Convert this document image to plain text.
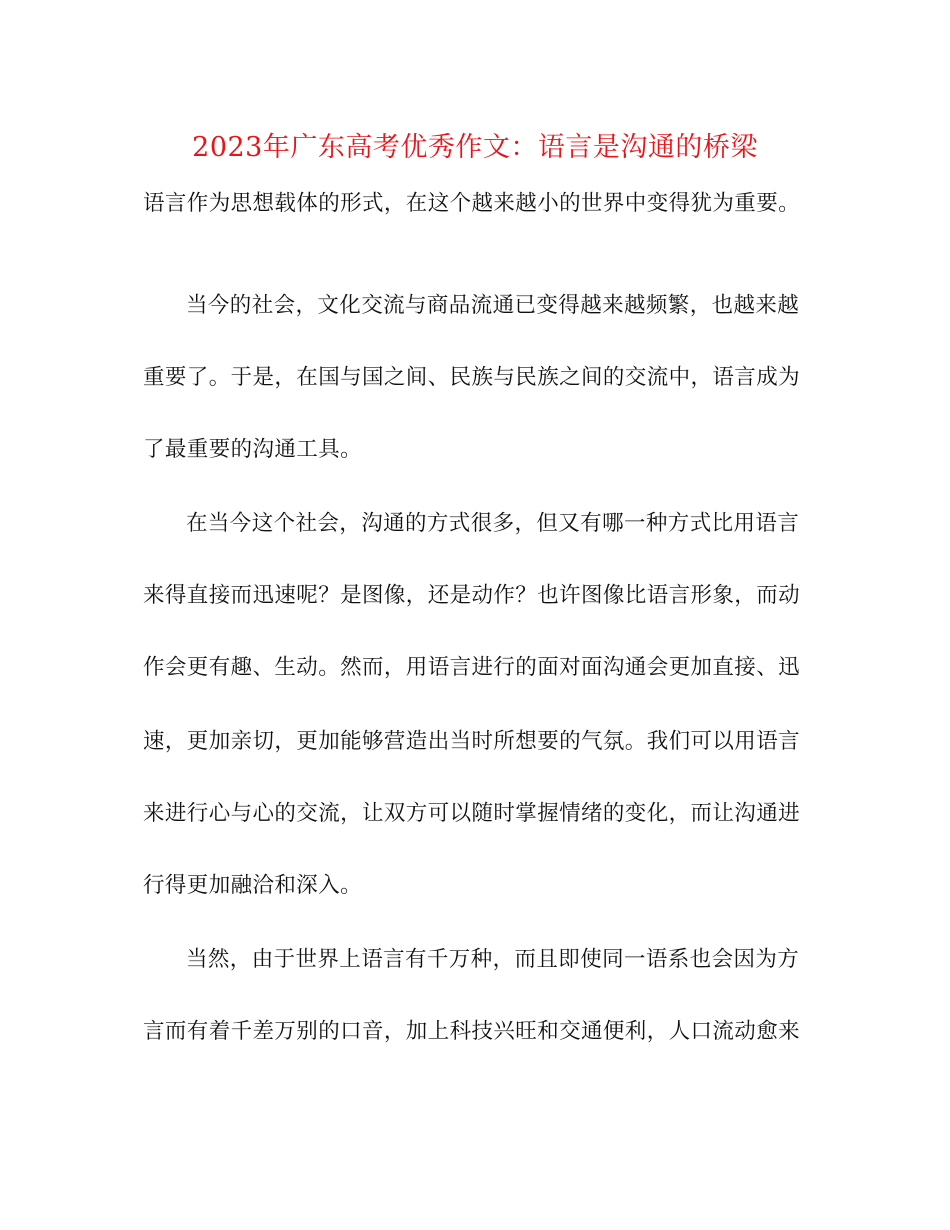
2023年广东高考优秀作文：语言是沟通的桥梁
语言作为思想载体的形式，在这个越来越小的世界中变得犹为重要。
当今的社会，文化交流与商品流通已变得越来越频繁，也越来越
重要了。于是，在国与国之间、民族与民族之间的交流中，语言成为
了最重要的沟通工具。
在当今这个社会，沟通的方式很多，但又有哪一种方式比用语言
来得直接而迅速呢？是图像，还是动作？也许图像比语言形象，而动
作会更有趣、生动。然而，用语言进行的面对面沟通会更加直接、迅
速，更加亲切，更加能够营造出当时所想要的气氛。我们可以用语言
来进行心与心的交流，让双方可以随时掌握情绪的变化，而让沟通进
行得更加融洽和深入。
当然，由于世界上语言有千万种，而且即使同一语系也会因为方
言而有着千差万别的口音，加上科技兴旺和交通便利，人口流动愈来
